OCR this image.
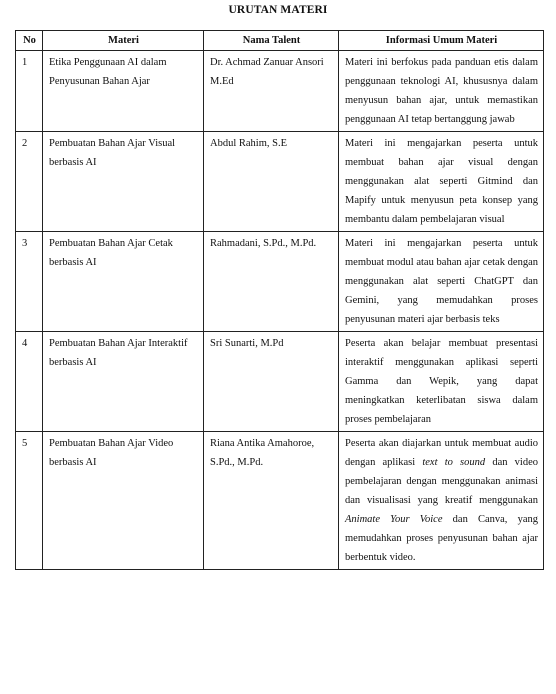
URUTAN MATERI
No	Materi	Nama Talent	Informasi Umum Materi
1	Etika Penggunaan AI dalam Penyusunan Bahan Ajar	Dr. Achmad Zanuar Ansori M.Ed	Materi ini berfokus pada panduan etis dalam penggunaan teknologi AI, khususnya dalam menyusun bahan ajar, untuk memastikan penggunaan AI tetap bertanggung jawab
2	Pembuatan Bahan Ajar Visual berbasis AI	Abdul Rahim, S.E	Materi ini mengajarkan peserta untuk membuat bahan ajar visual dengan menggunakan alat seperti Gitmind dan Mapify untuk menyusun peta konsep yang membantu dalam pembelajaran visual
3	Pembuatan Bahan Ajar Cetak berbasis AI	Rahmadani, S.Pd., M.Pd.	Materi ini mengajarkan peserta untuk membuat modul atau bahan ajar cetak dengan menggunakan alat seperti ChatGPT dan Gemini, yang memudahkan proses penyusunan materi ajar berbasis teks
4	Pembuatan Bahan Ajar Interaktif berbasis AI	Sri Sunarti, M.Pd	Peserta akan belajar membuat presentasi interaktif menggunakan aplikasi seperti Gamma dan Wepik, yang dapat meningkatkan keterlibatan siswa dalam proses pembelajaran
5	Pembuatan Bahan Ajar Video berbasis AI	Riana Antika Amahoroe, S.Pd., M.Pd.	Peserta akan diajarkan untuk membuat audio dengan aplikasi text to sound dan video pembelajaran dengan menggunakan animasi dan visualisasi yang kreatif menggunakan Animate Your Voice dan Canva, yang memudahkan proses penyusunan bahan ajar berbentuk video.
